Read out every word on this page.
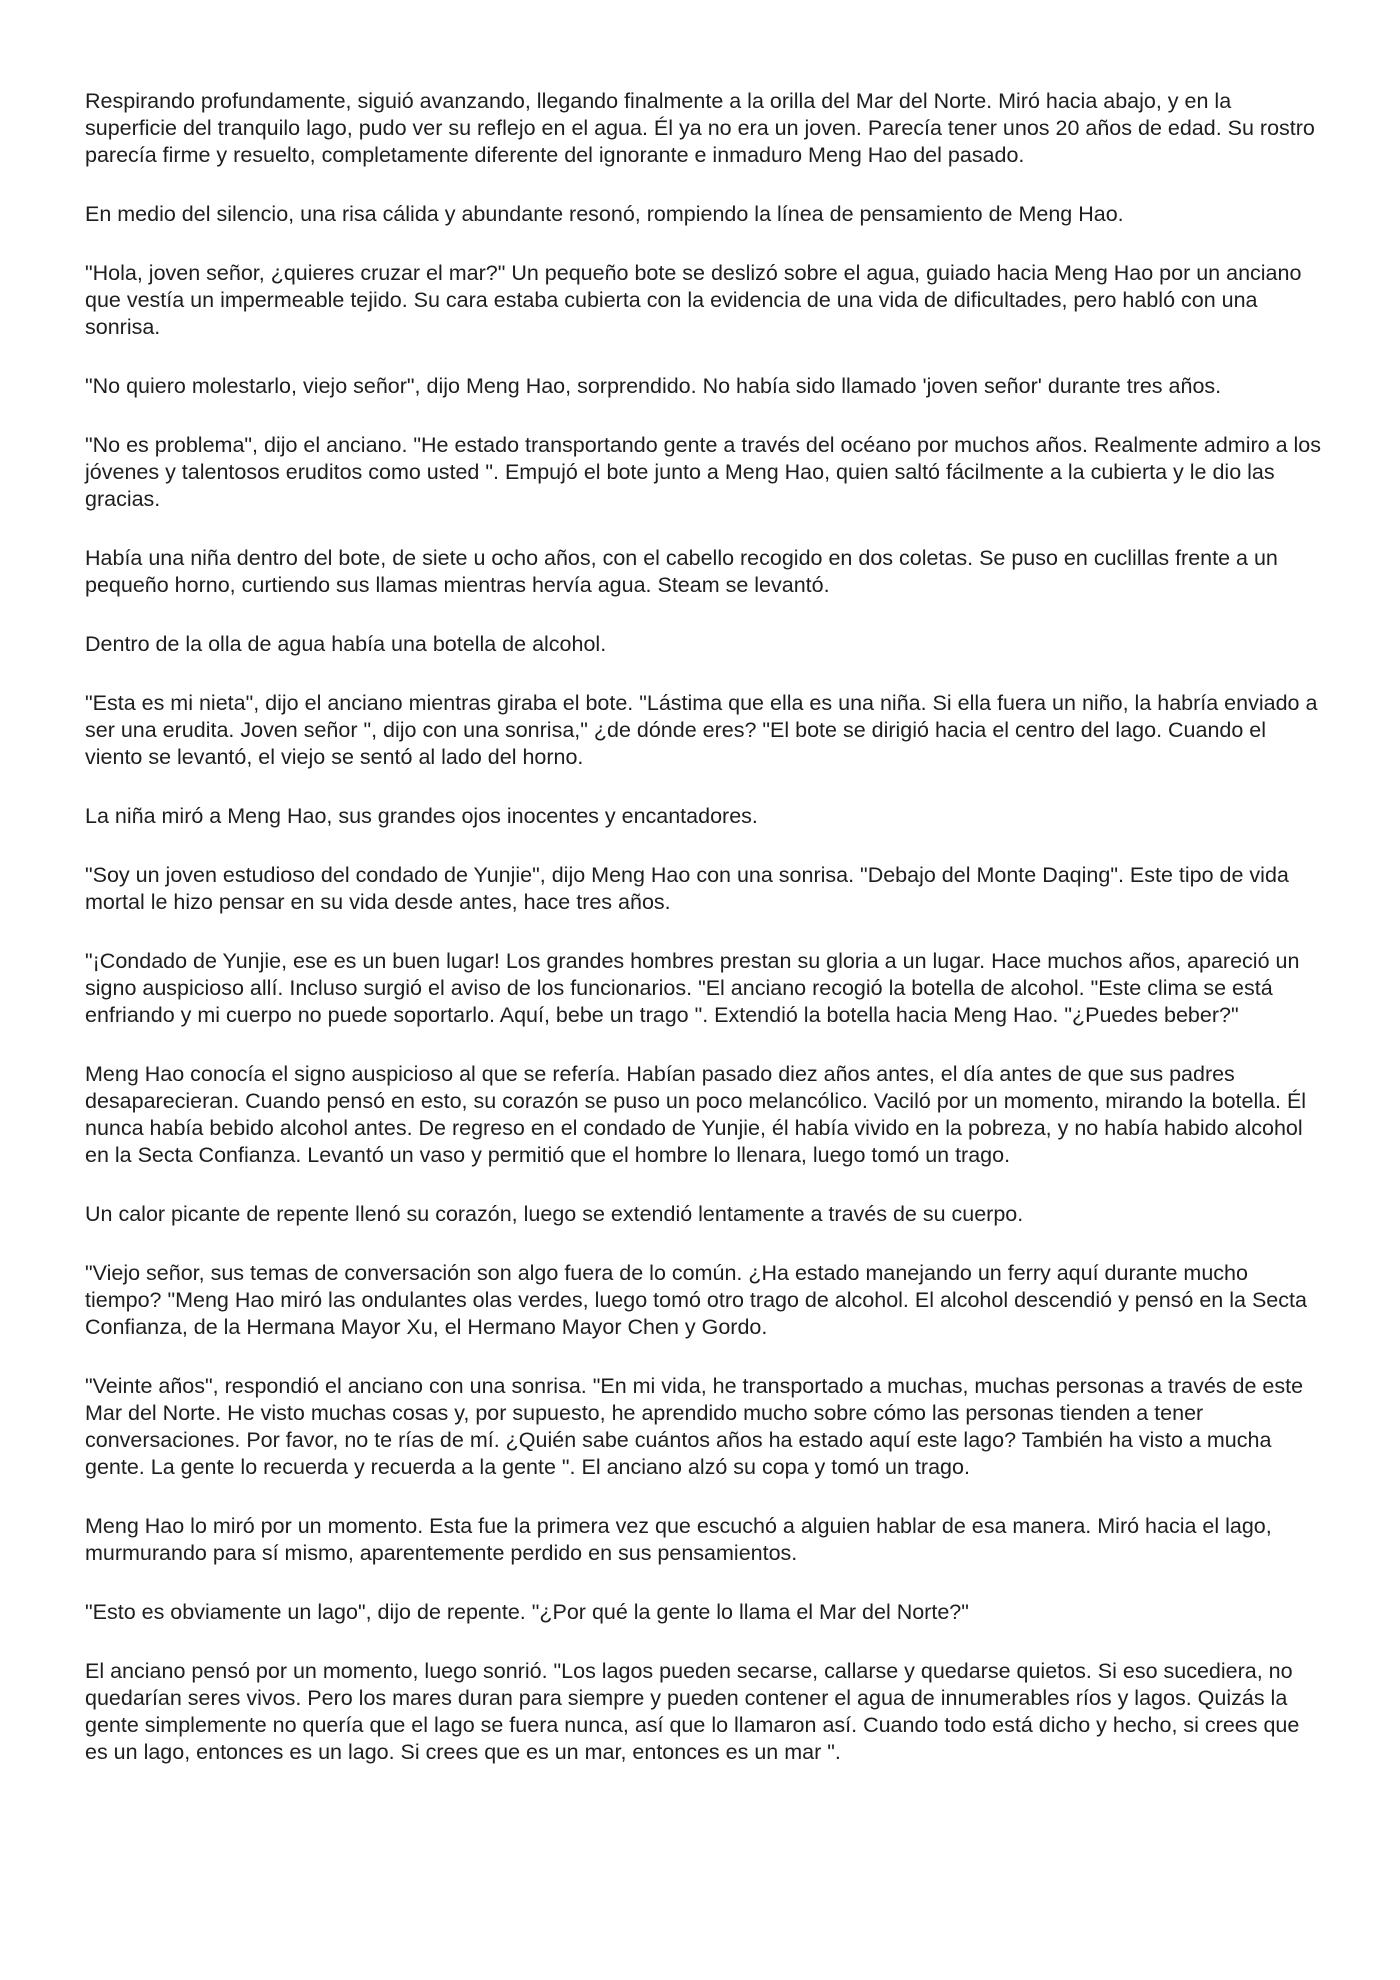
Respirando profundamente, siguió avanzando, llegando finalmente a la orilla del Mar del Norte. Miró hacia abajo, y en la superficie del tranquilo lago, pudo ver su reflejo en el agua. Él ya no era un joven. Parecía tener unos 20 años de edad. Su rostro parecía firme y resuelto, completamente diferente del ignorante e inmaduro Meng Hao del pasado.

En medio del silencio, una risa cálida y abundante resonó, rompiendo la línea de pensamiento de Meng Hao.

"Hola, joven señor, ¿quieres cruzar el mar?" Un pequeño bote se deslizó sobre el agua, guiado hacia Meng Hao por un anciano que vestía un impermeable tejido. Su cara estaba cubierta con la evidencia de una vida de dificultades, pero habló con una sonrisa.

"No quiero molestarlo, viejo señor", dijo Meng Hao, sorprendido. No había sido llamado 'joven señor' durante tres años.

"No es problema", dijo el anciano. "He estado transportando gente a través del océano por muchos años. Realmente admiro a los jóvenes y talentosos eruditos como usted ". Empujó el bote junto a Meng Hao, quien saltó fácilmente a la cubierta y le dio las gracias.

Había una niña dentro del bote, de siete u ocho años, con el cabello recogido en dos coletas. Se puso en cuclillas frente a un pequeño horno, curtiendo sus llamas mientras hervía agua. Steam se levantó.

Dentro de la olla de agua había una botella de alcohol.

"Esta es mi nieta", dijo el anciano mientras giraba el bote. "Lástima que ella es una niña. Si ella fuera un niño, la habría enviado a ser una erudita. Joven señor ", dijo con una sonrisa," ¿de dónde eres? "El bote se dirigió hacia el centro del lago. Cuando el viento se levantó, el viejo se sentó al lado del horno.

La niña miró a Meng Hao, sus grandes ojos inocentes y encantadores.

"Soy un joven estudioso del condado de Yunjie", dijo Meng Hao con una sonrisa. "Debajo del Monte Daqing". Este tipo de vida mortal le hizo pensar en su vida desde antes, hace tres años.

"¡Condado de Yunjie, ese es un buen lugar! Los grandes hombres prestan su gloria a un lugar. Hace muchos años, apareció un signo auspicioso allí. Incluso surgió el aviso de los funcionarios. "El anciano recogió la botella de alcohol. "Este clima se está enfriando y mi cuerpo no puede soportarlo. Aquí, bebe un trago ". Extendió la botella hacia Meng Hao. "¿Puedes beber?"

Meng Hao conocía el signo auspicioso al que se refería. Habían pasado diez años antes, el día antes de que sus padres desaparecieran. Cuando pensó en esto, su corazón se puso un poco melancólico. Vaciló por un momento, mirando la botella. Él nunca había bebido alcohol antes. De regreso en el condado de Yunjie, él había vivido en la pobreza, y no había habido alcohol en la Secta Confianza. Levantó un vaso y permitió que el hombre lo llenara, luego tomó un trago.

Un calor picante de repente llenó su corazón, luego se extendió lentamente a través de su cuerpo.

"Viejo señor, sus temas de conversación son algo fuera de lo común. ¿Ha estado manejando un ferry aquí durante mucho tiempo? "Meng Hao miró las ondulantes olas verdes, luego tomó otro trago de alcohol. El alcohol descendió y pensó en la Secta Confianza, de la Hermana Mayor Xu, el Hermano Mayor Chen y Gordo.

"Veinte años", respondió el anciano con una sonrisa. "En mi vida, he transportado a muchas, muchas personas a través de este Mar del Norte. He visto muchas cosas y, por supuesto, he aprendido mucho sobre cómo las personas tienden a tener conversaciones. Por favor, no te rías de mí. ¿Quién sabe cuántos años ha estado aquí este lago? También ha visto a mucha gente. La gente lo recuerda y recuerda a la gente ". El anciano alzó su copa y tomó un trago.

Meng Hao lo miró por un momento. Esta fue la primera vez que escuchó a alguien hablar de esa manera. Miró hacia el lago, murmurando para sí mismo, aparentemente perdido en sus pensamientos.

"Esto es obviamente un lago", dijo de repente. "¿Por qué la gente lo llama el Mar del Norte?"

El anciano pensó por un momento, luego sonrió. "Los lagos pueden secarse, callarse y quedarse quietos. Si eso sucediera, no quedarían seres vivos. Pero los mares duran para siempre y pueden contener el agua de innumerables ríos y lagos. Quizás la gente simplemente no quería que el lago se fuera nunca, así que lo llamaron así. Cuando todo está dicho y hecho, si crees que es un lago, entonces es un lago. Si crees que es un mar, entonces es un mar ".
